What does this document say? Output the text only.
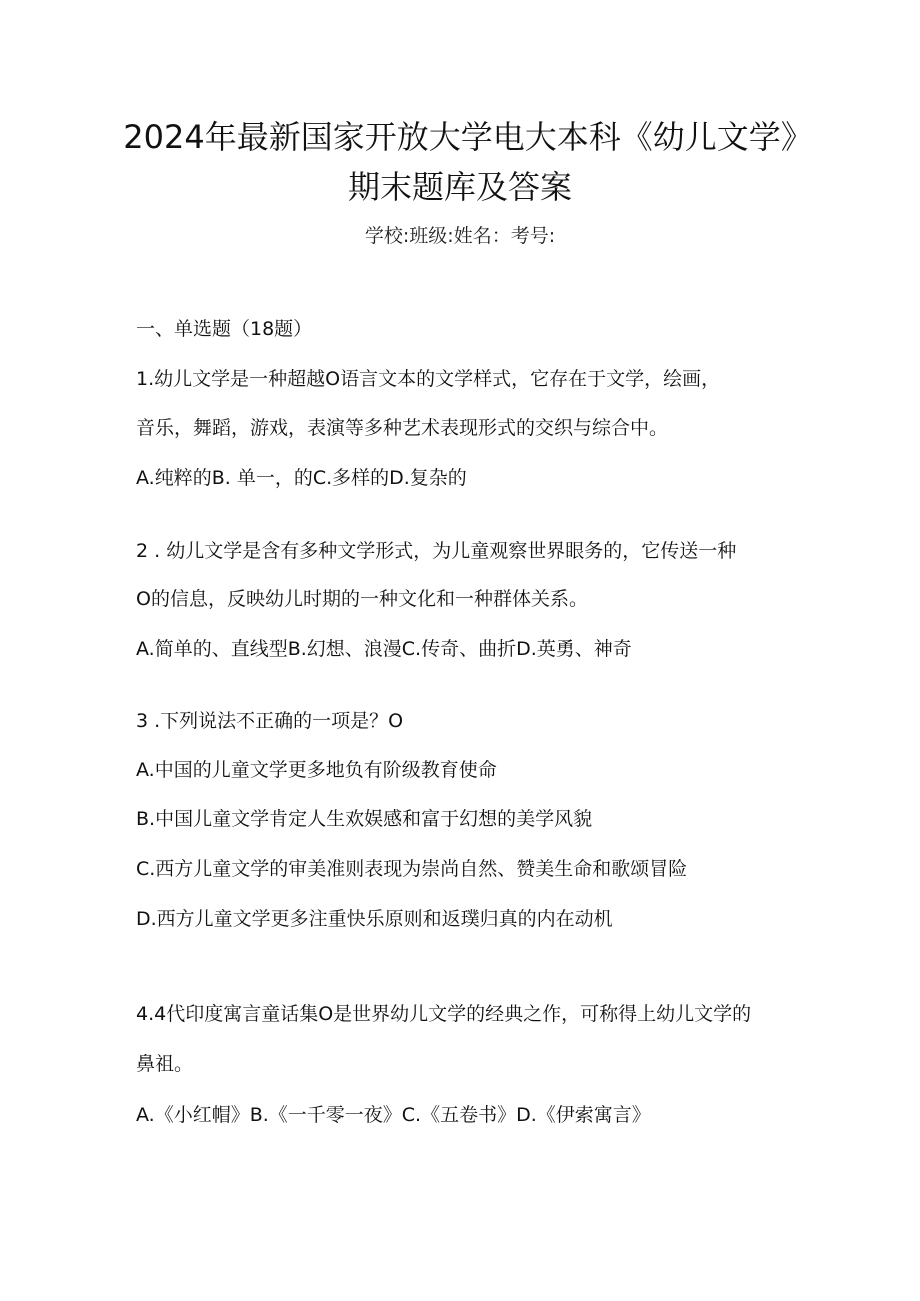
2024年最新国家开放大学电大本科《幼儿文学》期末题库及答案
学校:班级:姓名：考号:
一、单选题（18题）
1.幼儿文学是一种超越O语言文本的文学样式，它存在于文学，绘画，
音乐，舞蹈，游戏，表演等多种艺术表现形式的交织与综合中。
A.纯粹的B. 单一，的C.多样的D.复杂的
2 . 幼儿文学是含有多种文学形式，为儿童观察世界眼务的，它传送一种
O的信息，反映幼儿时期的一种文化和一种群体关系。
A.简单的、直线型B.幻想、浪漫C.传奇、曲折D.英勇、神奇
3 .下列说法不正确的一项是？O
A.中国的儿童文学更多地负有阶级教育使命
B.中国儿童文学肯定人生欢娱感和富于幻想的美学风貌
C.西方儿童文学的审美准则表现为崇尚自然、赞美生命和歌颂冒险
D.西方儿童文学更多注重快乐原则和返璞归真的内在动机
4.4代印度寓言童话集O是世界幼儿文学的经典之作，可称得上幼儿文学的
鼻祖。
A.《小红帽》B.《一千零一夜》C.《五卷书》D.《伊索寓言》
